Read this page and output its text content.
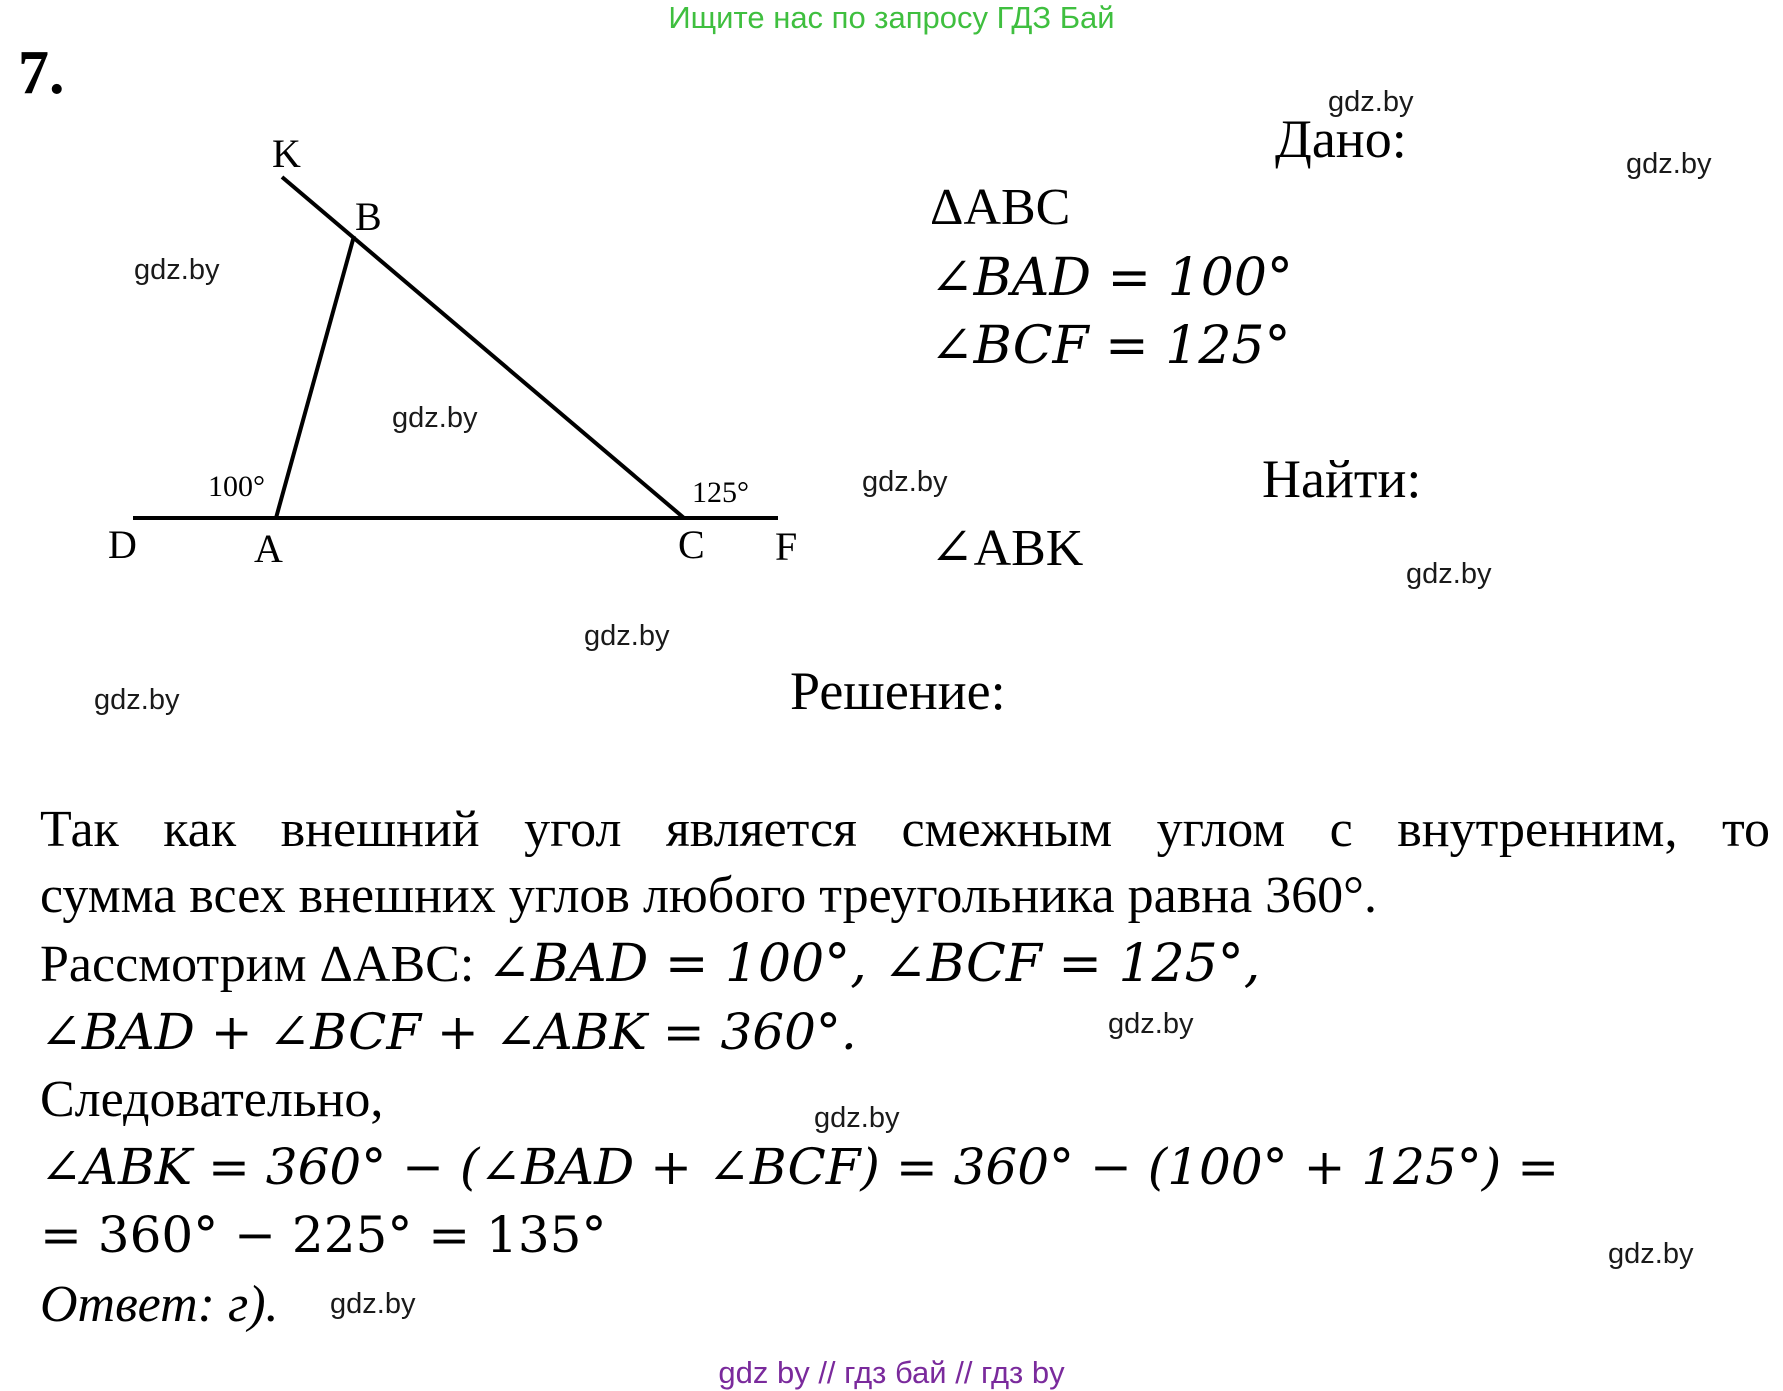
Ищите нас по запросу ГДЗ Бай
7.
K
B
D	A	C F
100°	125°
Дано:
ΔABC
∠BAD = 100°
∠BCF = 125°
Найти:
∠ABK
Решение:
Так как внешний угол является смежным углом с внутренним, то
сумма всех внешних углов любого треугольника равна 360°.
Рассмотрим ΔABC: ∠BAD = 100°, ∠BCF = 125°,
∠BAD + ∠BCF + ∠ABK = 360°.
Следовательно,
∠ABK = 360° − (∠BAD + ∠BCF) = 360° − (100° + 125°) =
= 360° − 225° = 135°
Ответ: г).
gdz.by
gdz.by
gdz.by
gdz.by
gdz.by
gdz.by
gdz.by
gdz.by
gdz.by
gdz.by
gdz.by
gdz.by
gdz by // гдз бай // гдз by
